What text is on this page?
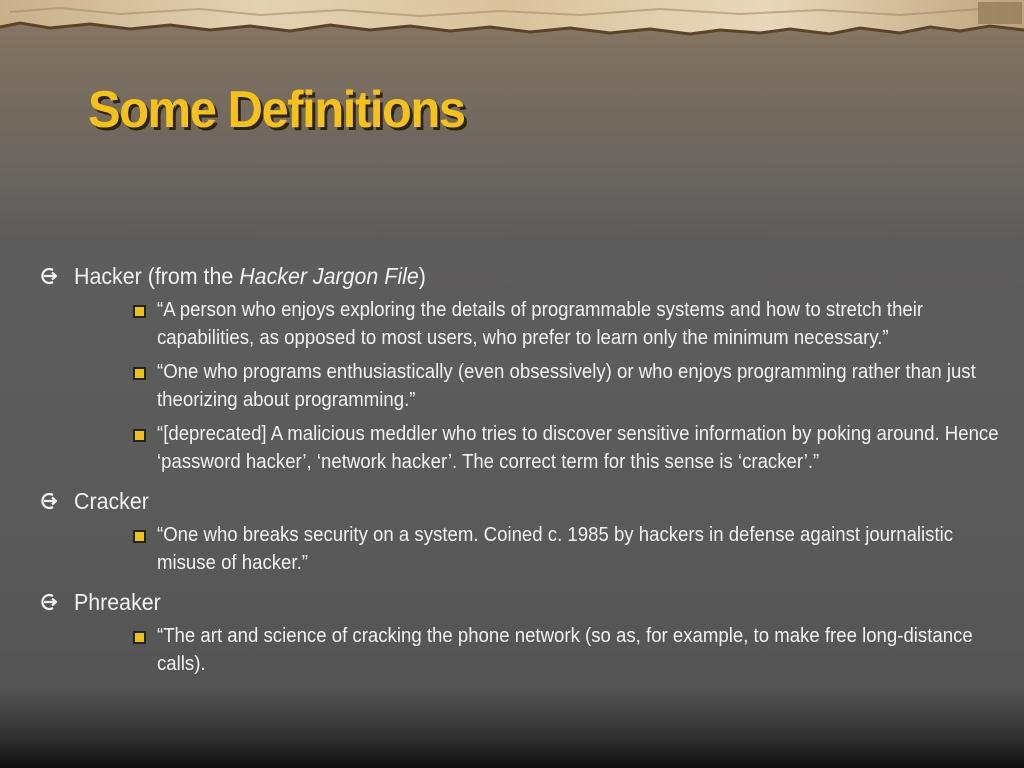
Some Definitions
Hacker (from the Hacker Jargon File)
“A person who enjoys exploring the details of programmable systems and how to stretch their capabilities, as opposed to most users, who prefer to learn only the minimum necessary.”
“One who programs enthusiastically (even obsessively) or who enjoys programming rather than just theorizing about programming.”
“[deprecated] A malicious meddler who tries to discover sensitive information by poking around. Hence ‘password hacker’, ‘network hacker’. The correct term for this sense is ‘cracker’.”
Cracker
“One who breaks security on a system. Coined c. 1985 by hackers in defense against journalistic misuse of hacker.”
Phreaker
“The art and science of cracking the phone network (so as, for example, to make free long-distance calls).
